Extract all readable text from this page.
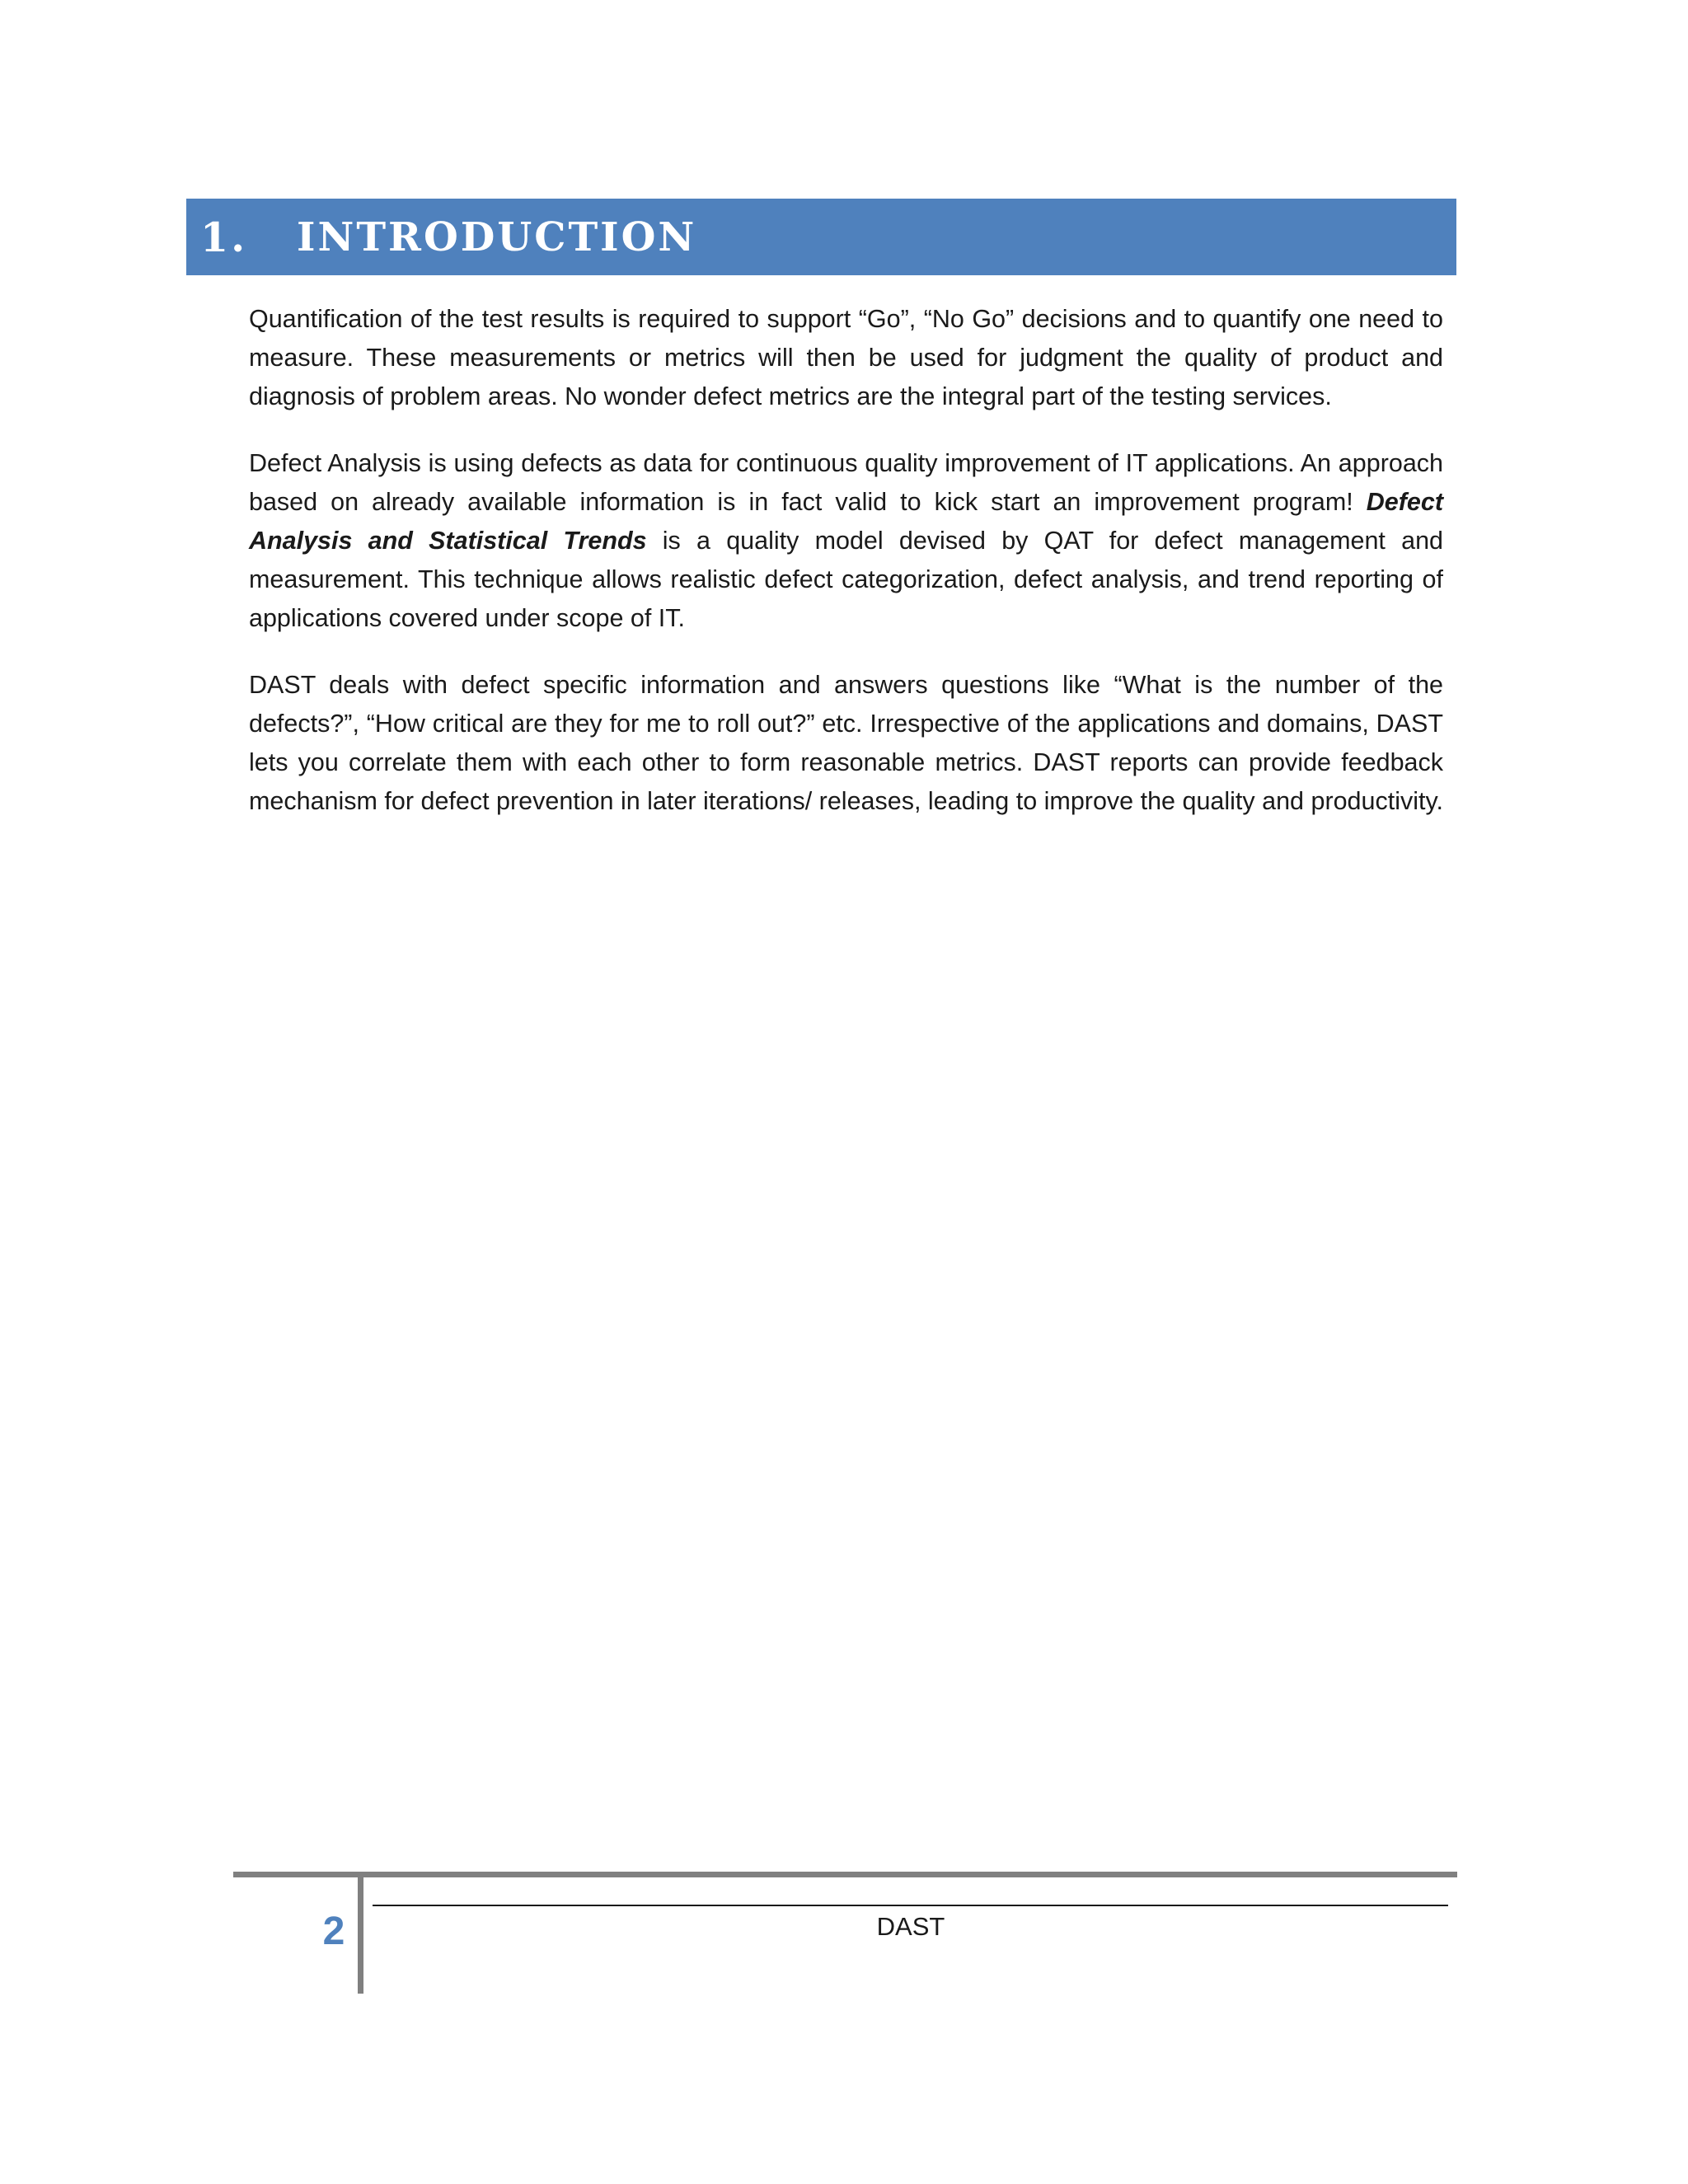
1.	INTRODUCTION

Quantification of the test results is required to support “Go”, “No Go” decisions and to quantify one need to measure. These measurements or metrics will then be used for judgment the quality of product and diagnosis of problem areas. No wonder defect metrics are the integral part of the testing services.

Defect Analysis is using defects as data for continuous quality improvement of IT applications. An approach based on already available information is in fact valid to kick start an improvement program! Defect Analysis and Statistical Trends is a quality model devised by QAT for defect management and measurement. This technique allows realistic defect categorization, defect analysis, and trend reporting of applications covered under scope of IT.

DAST deals with defect specific information and answers questions like “What is the number of the defects?”, “How critical are they for me to roll out?” etc. Irrespective of the applications and domains, DAST lets you correlate them with each other to form reasonable metrics. DAST reports can provide feedback mechanism for defect prevention in later iterations/ releases, leading to improve the quality and productivity.

2	DAST
